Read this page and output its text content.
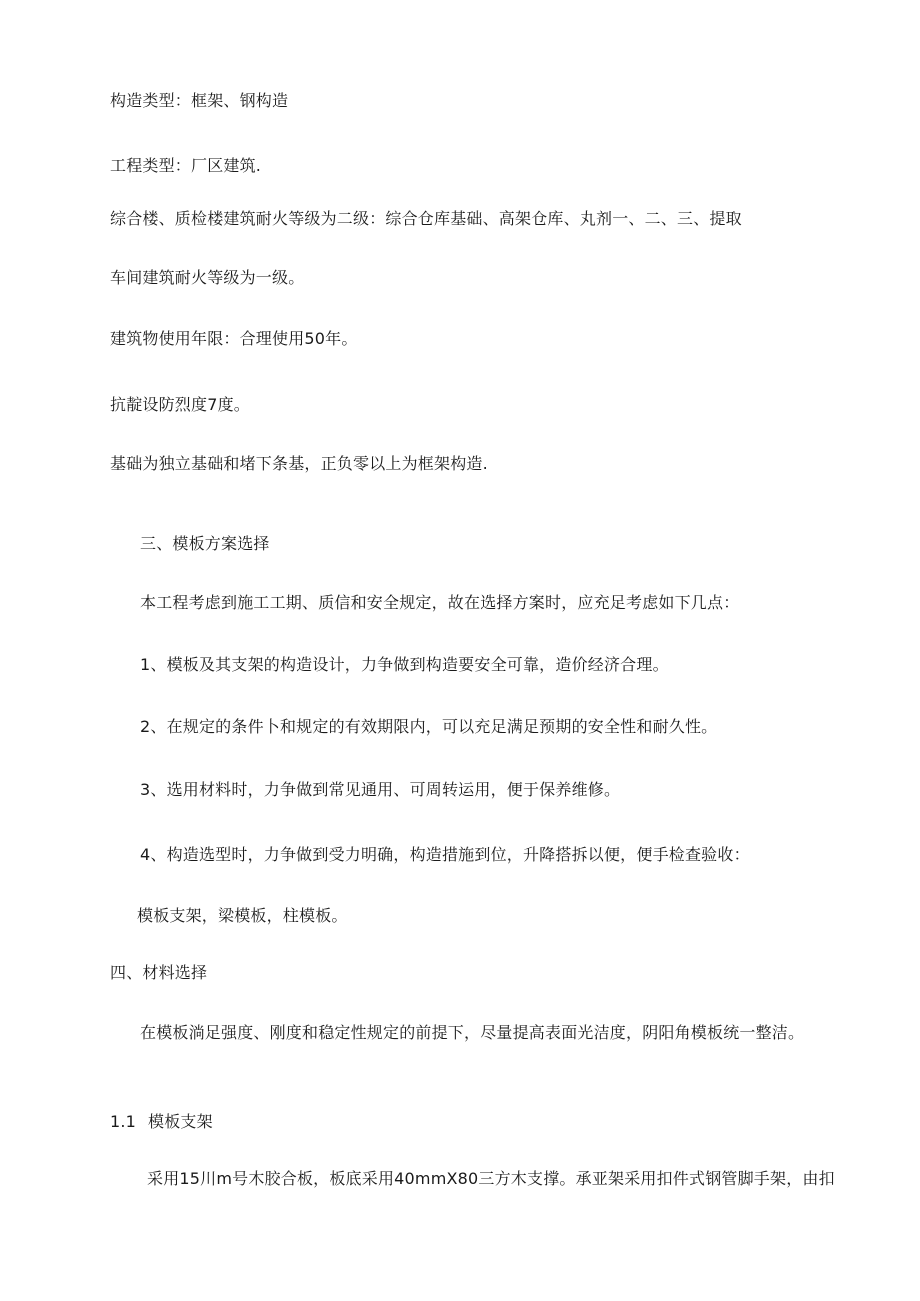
构造类型：框架、钢构造
工程类型：厂区建筑.
综合楼、质检楼建筑耐火等级为二级：综合仓库基础、高架仓库、丸剂一、二、三、提取
车间建筑耐火等级为一级。
建筑物使用年限：合理使用50年。
抗靛设防烈度7度。
基础为独立基础和堵下条基，正负零以上为框架构造.
三、模板方案选择
本工程考虑到施工工期、质信和安全规定，故在选择方案时，应充足考虑如下几点：
1、模板及其支架的构造设计，力争做到构造要安全可靠，造价经济合理。
2、在规定的条件卜和规定的有效期限内，可以充足满足预期的安全性和耐久性。
3、选用材料时，力争做到常见通用、可周转运用，便于保养维修。
4、构造选型时，力争做到受力明确，构造措施到位，升降搭拆以便，便手检查验收：
模板支架，梁模板，柱模板。
四、材料选择
在模板淌足强度、刚度和稳定性规定的前提下，尽量提高表面光洁度，阴阳角模板统一整洁。
1.1 模板支架
采用15川m号木胶合板，板底采用40mmX80三方木支撑。承亚架采用扣件式钢管脚手架，由扣
